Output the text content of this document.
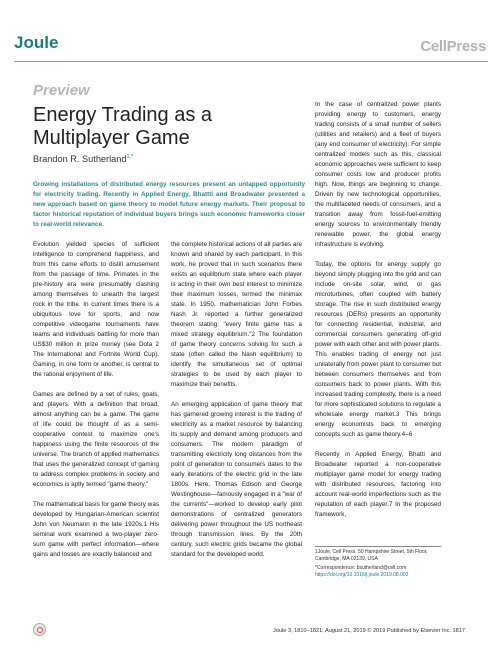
Joule	CellPress
Preview
Energy Trading as a Multiplayer Game
Brandon R. Sutherland$^{1,*}$
Growing installations of distributed energy resources present an untapped opportunity for electricity trading. Recently in Applied Energy, Bhattti and Broadwater presented a new approach based on game theory to model future energy markets. Their proposal to factor historical reputation of individual buyers brings such economic frameworks closer to real-world relevance.

Evolution yielded species of sufficient intelligence to comprehend happiness, and from this came efforts to distill amusement from the passage of time. Primates in the pre-history era were presumably clashing among themselves to unearth the largest rock in the tribe. In current times there is a ubiquitous love for sports, and now competitive videogame tournaments have teams and individuals battling for more than US$30 million in prize money (see Dota 2 The International and Fortnite World Cup). Gaming, in one form or another, is central to the rational enjoyment of life.

Games are defined by a set of rules, goals, and players. With a definition that broad, almost anything can be a game. The game of life could be thought of as a semi-cooperative contest to maximize one's happiness using the finite resources of the universe. The branch of applied mathematics that uses the generalized concept of gaming to address complex problems in society and economics is aptly termed "game theory."

The mathematical basis for game theory was developed by Hungarian-American scientist John von Neumann in the late 1920s.1 His seminal work examined a two-player zero-sum game with perfect information—where gains and losses are exactly balanced and

the complete historical actions of all parties are known and shared by each participant. In this work, he proved that in such scenarios there exists an equilibrium state where each player is acting in their own best interest to minimize their maximum losses, termed the minimax state. In 1950, mathematician John Forbes Nash Jr. reported a further generalized theorem stating: "every finite game has a mixed strategy equilibrium."2 The foundation of game theory concerns solving for such a state (often called the Nash equilibrium) to identify the simultaneous set of optimal strategies to be used by each player to maximize their benefits.

An emerging application of game theory that has garnered growing interest is the trading of electricity as a market resource by balancing its supply and demand among producers and consumers. The modern paradigm of transmitting electricity long distances from the point of generation to consumers dates to the early iterations of the electric grid in the late 1800s. Here, Thomas Edison and George Westinghouse—famously engaged in a "war of the currents"—worked to develop early pilot demonstrations of centralized generators delivering power throughout the US northeast through transmission lines. By the 20th century, such electric grids became the global standard for the developed world.

In the case of centralized power plants providing energy to customers, energy trading consists of a small number of sellers (utilities and retailers) and a fleet of buyers (any end consumer of electricity). For simple centralized models such as this, classical economic approaches were sufficient to keep consumer costs low and producer profits high. Now, things are beginning to change. Driven by new technological opportunities, the multifaceted needs of consumers, and a transition away from fossil-fuel-emitting energy sources to environmentally friendly renewable power, the global energy infrastructure is evolving.

Today, the options for energy supply go beyond simply plugging into the grid and can include on-site solar, wind, or gas microturbines, often coupled with battery storage. The rise in such distributed energy resources (DERs) presents an opportunity for connecting residential, industrial, and commercial consumers generating off-grid power with each other and with power plants. This enables trading of energy not just unilaterally from power plant to consumer but between consumers themselves and from consumers back to power plants. With this increased trading complexity, there is a need for more sophisticated solutions to regulate a wholesale energy market.3 This brings energy economists back to emerging concepts such as game theory.4–6

Recently in Applied Energy, Bhatti and Broadwater reported a non-cooperative multiplayer game model for energy trading with distributed resources, factoring into account real-world imperfections such as the reputation of each player.7 In the proposed framework,

1Joule, Cell Press, 50 Hampshire Street, 5th Floor, Cambridge, MA 02139, USA
*Correspondence: bsutherland@cell.com
https://doi.org/10.1016/j.joule.2019.08.003
Joule 3, 1810–1821, August 21, 2019 © 2019 Published by Elsevier Inc. 1817
